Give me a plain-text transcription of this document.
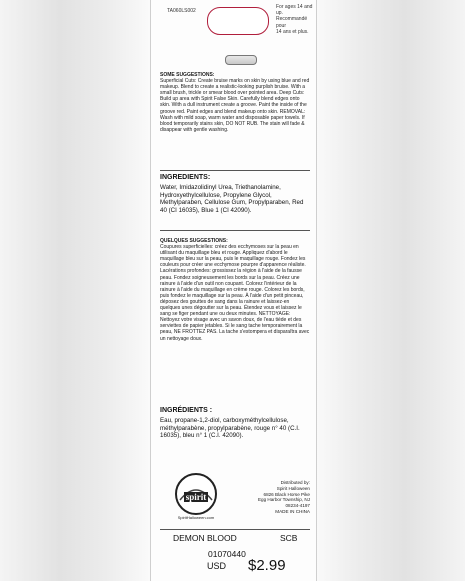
TA060LS002
For ages 14 and up.
Recommandé pour
14 ans et plus.
SOME SUGGESTIONS:
Superficial Cuts: Create bruise marks on skin by using blue and red makeup. Blend to create a realistic-looking purplish bruise. With a small brush, trickle or smear blood over pointed area. Deep Cuts: Build up area with Spirit False Skin. Carefully blend edges onto skin. With a dull instrument create a groove. Paint the inside of the groove red. Paint edges and blend makeup onto skin. REMOVAL: Wash with mild soap, warm water and disposable paper towels. If blood temporarily stains skin, DO NOT RUB. The stain will fade & disappear with gentle washing.
INGREDIENTS:
Water, Imidazolidinyl Urea, Triethanolamine, Hydroxyethylcellulose, Propylene Glycol, Methylparaben, Cellulose Gum, Propylparaben, Red 40 (CI 16035), Blue 1 (CI 42090).
QUELQUES SUGGESTIONS:
Coupures superficielles: créez des ecchymoses sur la peau en utilisant du maquillage bleu et rouge. Appliquez d'abord le maquillage bleu sur la peau, puis le maquillage rouge. Fondez les couleurs pour créer une ecchymose pourpre d'apparence réaliste. Lacérations profondes: grossissez la région à l'aide de la fausse peau. Fondez soigneusement les bords sur la peau. Créez une rainure à l'aide d'un outil non coupant. Colorez l'intérieur de la rainure à l'aide du maquillage en crème rouge. Colorez les bords, puis fondez le maquillage sur la peau. À l'aide d'un petit pinceau, déposez des gouttes de sang dans la rainure et laissez-en quelques unes dégoutter sur la peau. Étendez vous et laissez le sang se figer pendant une ou deux minutes. NETTOYAGE: Nettoyez votre visage avec un savon doux, de l'eau tiède et des serviettes de papier jetables. Si le sang tache temporairement la peau, NE FROTTEZ PAS. La tache s'estompera et disparaîtra avec un nettoyage doux.
INGRÉDIENTS :
Eau, propane-1,2-diol, carboxyméthylcellulose, méthylparabène, propylparabène, rouge n° 40 (C.I. 16035), bleu n° 1 (C.I. 42090).
spirit
SpiritHalloween.com
Distributed by:
Spirit Halloween
6826 Black Horse Pike
Egg Harbor Township, NJ
08234-4197
MADE IN CHINA
DEMON BLOOD	SCB
01070440
USD $2.99
